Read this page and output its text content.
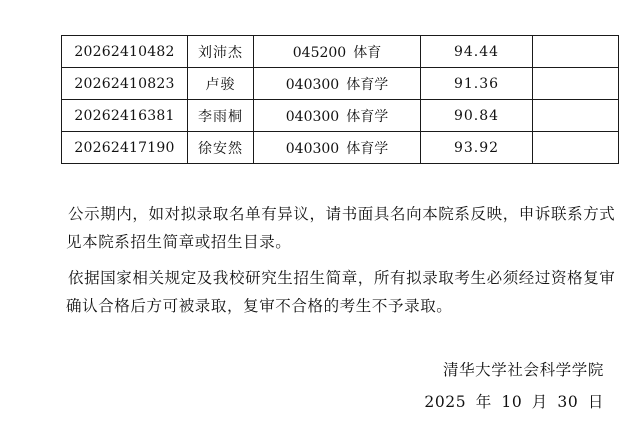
20262410482	刘沛杰	045200 体育	94.44	
20262410823	卢骏	040300 体育学	91.36	
20262416381	李雨桐	040300 体育学	90.84	
20262417190	徐安然	040300 体育学	93.92	

公示期内，如对拟录取名单有异议，请书面具名向本院系反映，申诉联系方式
见本院系招生简章或招生目录。

依据国家相关规定及我校研究生招生简章，所有拟录取考生必须经过资格复审
确认合格后方可被录取，复审不合格的考生不予录取。

清华大学社会科学学院

2025 年 10 月 30 日
